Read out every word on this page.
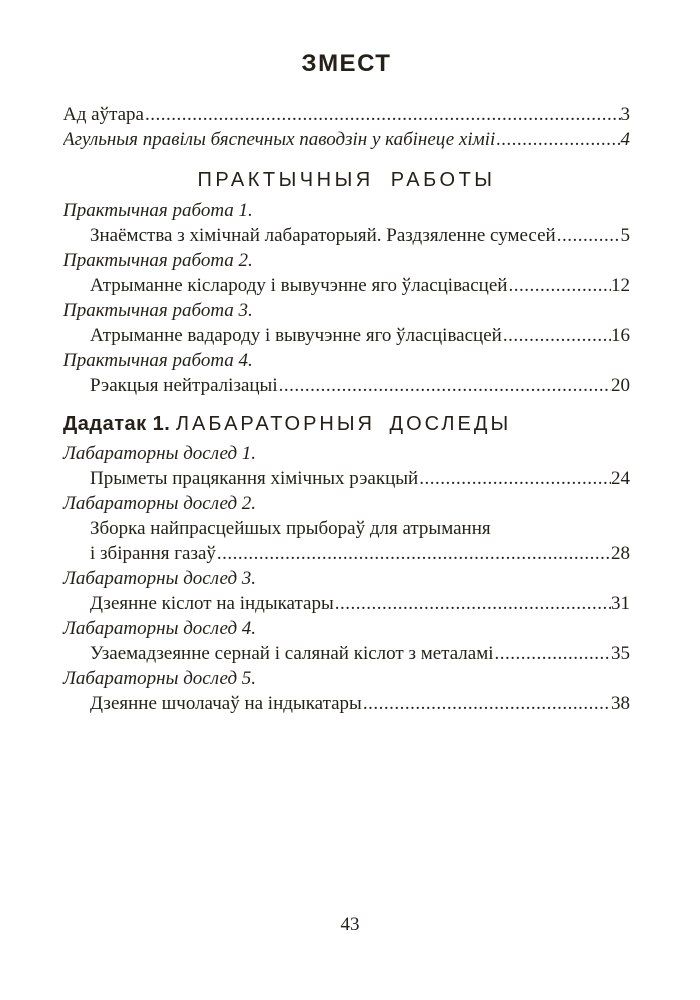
ЗМЕСТ
Ад аўтара .....	3
Агульныя правілы бяспечных паводзін у кабінеце хіміі .....	4
ПРАКТЫЧНЫЯ РАБОТЫ
Практычная работа 1.
Знаёмства з хімічнай лабараторыяй. Раздзяленне сумесей .....	5
Практычная работа 2.
Атрыманне кіслароду і вывучэнне яго ўласцівасцей .....	12
Практычная работа 3.
Атрыманне вадароду і вывучэнне яго ўласцівасцей .....	16
Практычная работа 4.
Рэакцыя нейтралізацыі .....	20
Дадатак 1. ЛАБАРАТОРНЫЯ ДОСЛЕДЫ
Лабараторны дослед 1.
Прыметы працякання хімічных рэакцый .....	24
Лабараторны дослед 2.
Зборка найпрасцейшых прыбораў для атрымання
і збірання газаў .....	28
Лабараторны дослед 3.
Дзеянне кіслот на індыкатары .....	31
Лабараторны дослед 4.
Узаемадзеянне сернай і салянай кіслот з металамі .....	35
Лабараторны дослед 5.
Дзеянне шчолачаў на індыкатары .....	38
43
